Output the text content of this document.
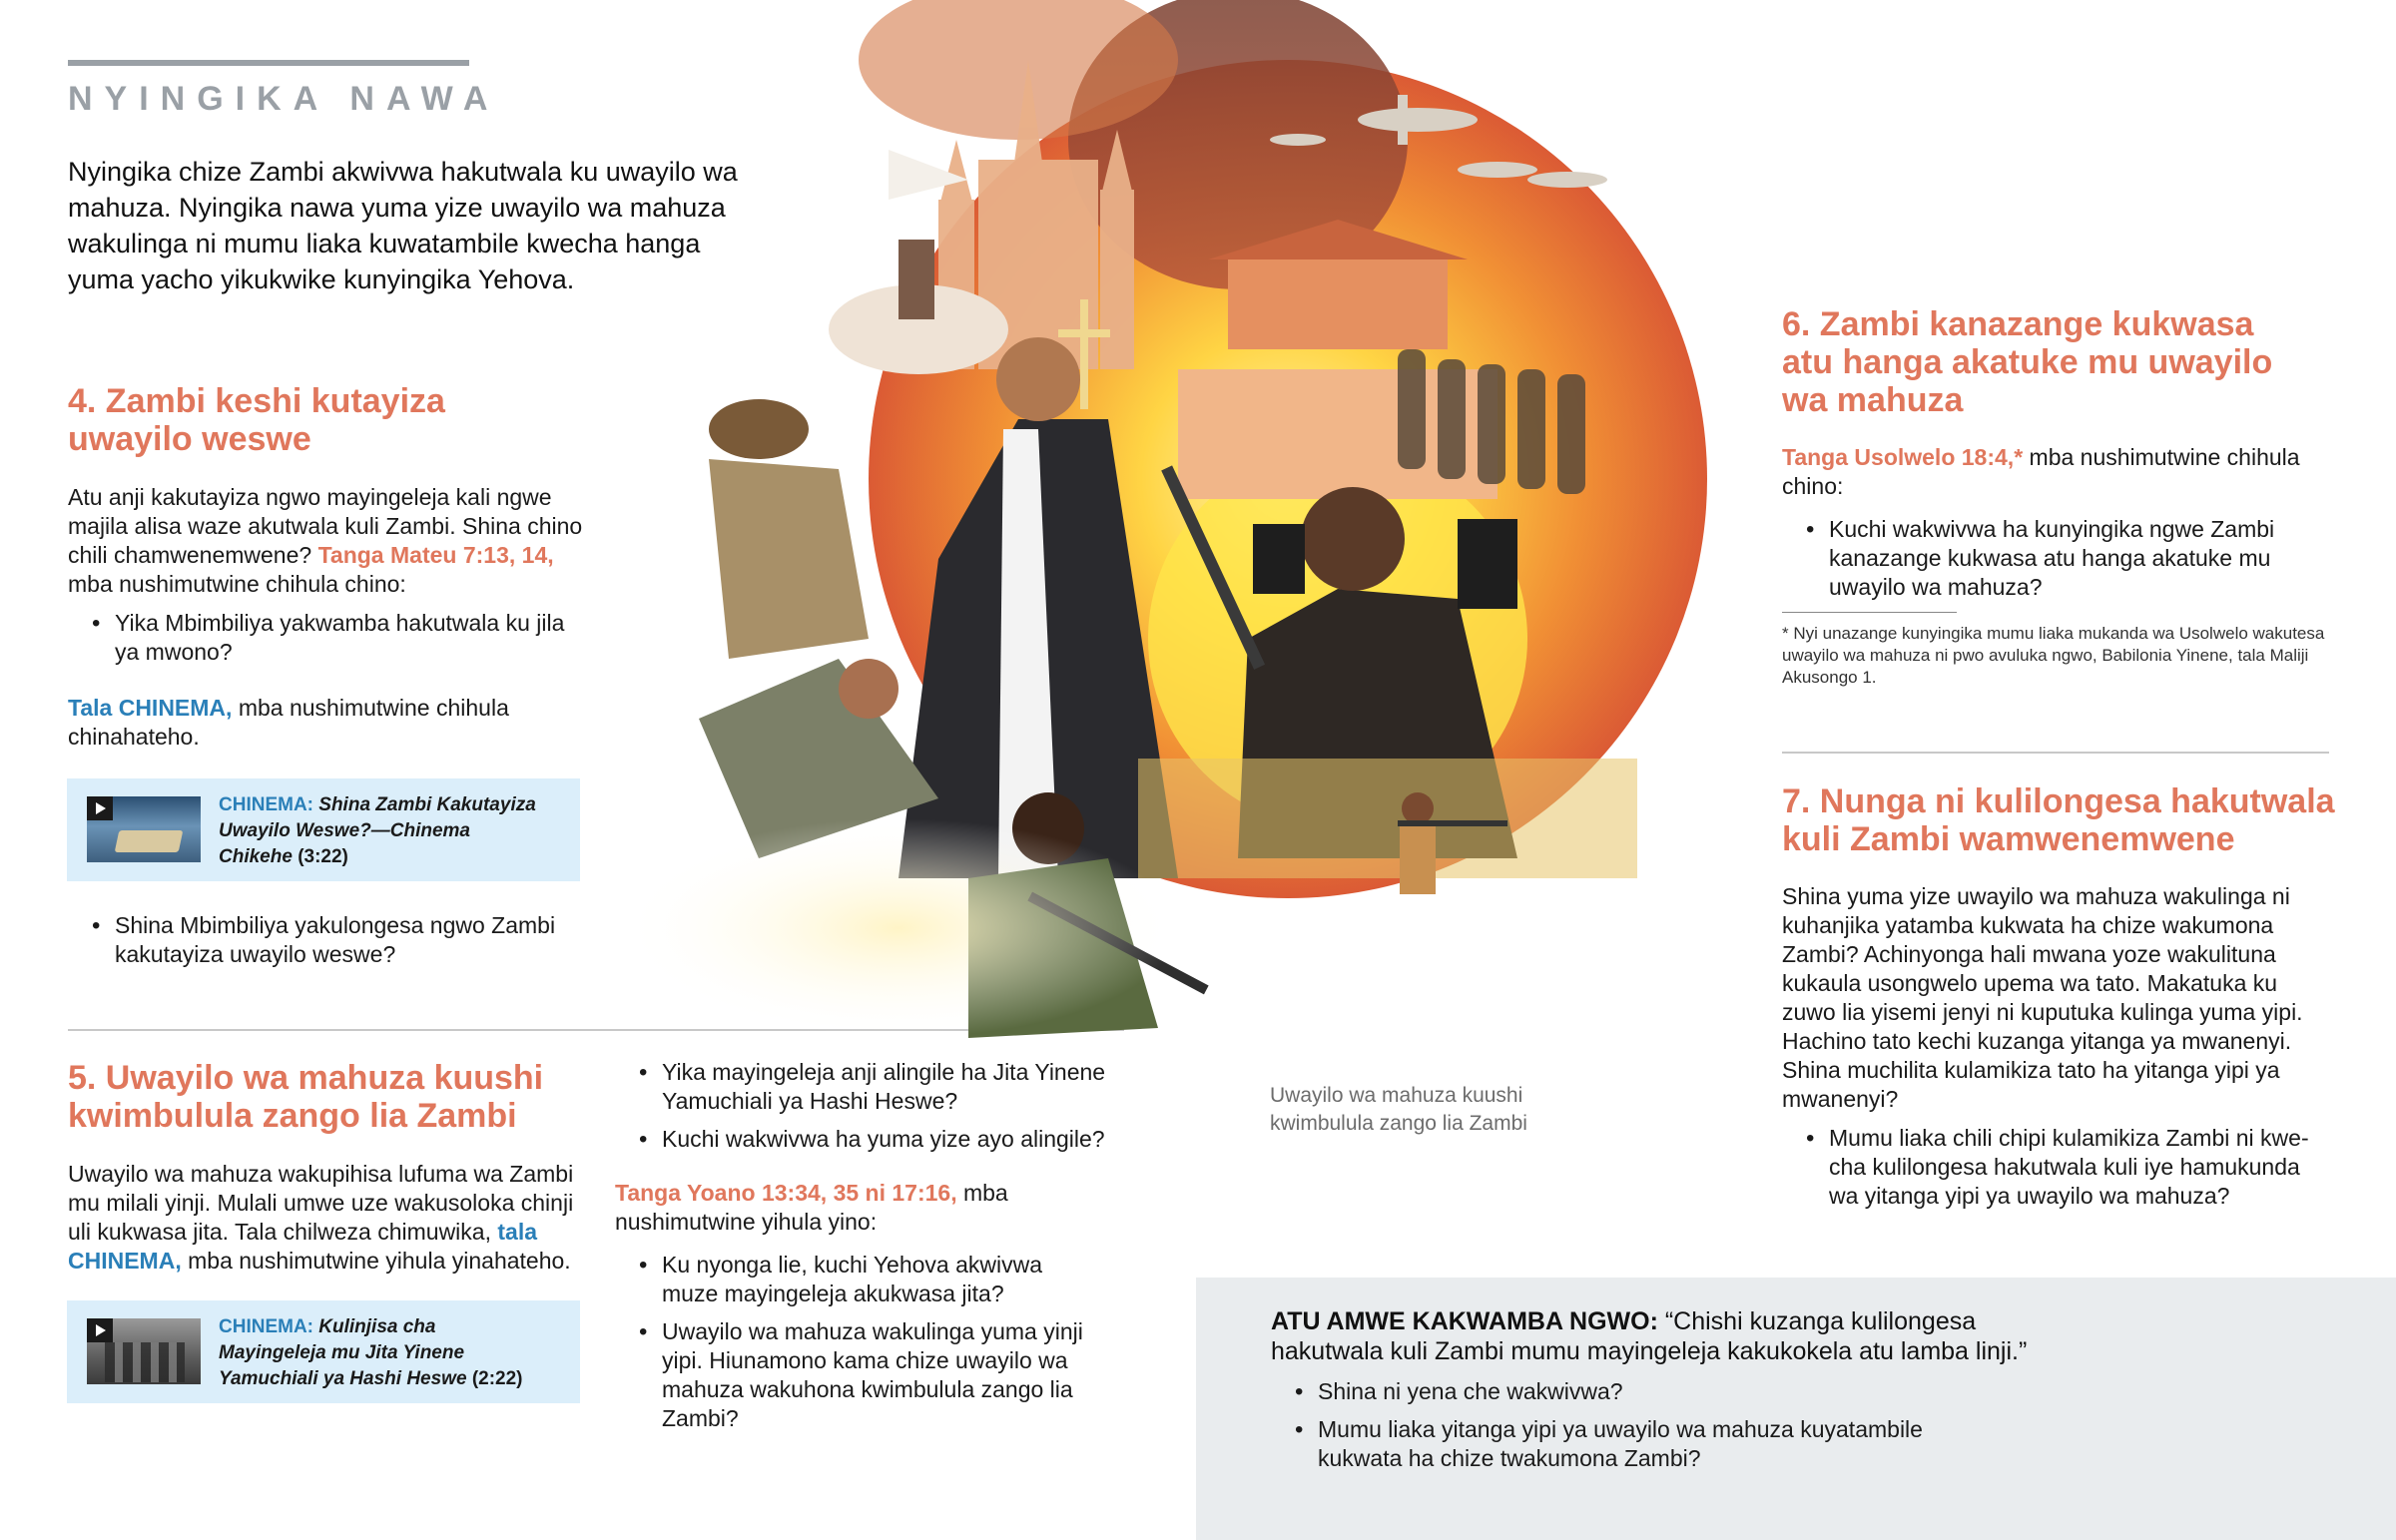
NYINGIKA NAWA
Nyingika chize Zambi akwivwa hakutwala ku uwayilo wa mahuza. Nyingika nawa yuma yize uwayilo wa mahuza wakulinga ni mumu liaka kuwatambile kwecha hanga yuma yacho yikukwike kunyingika Yehova.
4. Zambi keshi kutayiza uwayilo weswe
Atu anji kakutayiza ngwo mayingeleja kali ngwe majila alisa waze akutwala kuli Zambi. Shina chino chili chamwenemwene? Tanga Mateu 7:13, 14, mba nushimutwine chihula chino:
• Yika Mbimbiliya yakwamba hakutwala ku jila ya mwono?
Tala CHINEMA, mba nushimutwine chihula chinahateho.
CHINEMA: Shina Zambi Kakutayiza Uwayilo Weswe?—Chinema Chikehe (3:22)
• Shina Mbimbiliya yakulongesa ngwo Zambi kakutayiza uwayilo weswe?
5. Uwayilo wa mahuza kuushi kwimbulula zango lia Zambi
Uwayilo wa mahuza wakupihisa lufuma wa Zambi mu milali yinji. Mulali umwe uze wakusoloka chinji uli kukwasa jita. Tala chilweza chimuwika, tala CHINEMA, mba nushimutwine yihula yinahateho.
CHINEMA: Kulinjisa cha Mayingeleja mu Jita Yinene Yamuchiali ya Hashi Heswe (2:22)
• Yika mayingeleja anji alingile ha Jita Yinene Yamuchiali ya Hashi Heswe?
• Kuchi wakwivwa ha yuma yize ayo alingile?
Tanga Yoano 13:34, 35 ni 17:16, mba nushimutwine yihula yino:
• Ku nyonga lie, kuchi Yehova akwivwa muze mayingeleja akukwasa jita?
• Uwayilo wa mahuza wakulinga yuma yinji yipi. Hiunamono kama chize uwayilo wa mahuza wakuhona kwimbulula zango lia Zambi?
Uwayilo wa mahuza kuushi kwimbulula zango lia Zambi
6. Zambi kanazange kukwasa atu hanga akatuke mu uwayilo wa mahuza
Tanga Usolwelo 18:4,* mba nushimutwine chihula chino:
• Kuchi wakwivwa ha kunyingika ngwe Zambi kanazange kukwasa atu hanga akatuke mu uwayilo wa mahuza?
* Nyi unazange kunyingika mumu liaka mukanda wa Usolwelo wakutesa uwayilo wa mahuza ni pwo avuluka ngwo, Babilonia Yinene, tala Maliji Akusongo 1.
7. Nunga ni kulilongesa hakutwala kuli Zambi wamwenemwene
Shina yuma yize uwayilo wa mahuza wakulinga ni kuhanjika yatamba kukwata ha chize wakumona Zambi? Achinyonga hali mwana yoze wakulituna kukaula usongwelo upema wa tato. Makatuka ku zuwo lia yisemi jenyi ni kuputuka kulinga yuma yipi. Hachino tato kechi kuzanga yitanga ya mwanenyi. Shina muchilita kulamikiza tato ha yitanga yipi ya mwanenyi?
• Mumu liaka chili chipi kulamikiza Zambi ni kwecha kulilongesa hakutwala kuli iye hamukunda wa yitanga yipi ya uwayilo wa mahuza?
ATU AMWE KAKWAMBA NGWO: “Chishi kuzanga kulilongesa hakutwala kuli Zambi mumu mayingeleja kakukokela atu lamba linji.”
• Shina ni yena che wakwivwa?
• Mumu liaka yitanga yipi ya uwayilo wa mahuza kuyatambile kukwata ha chize twakumona Zambi?
